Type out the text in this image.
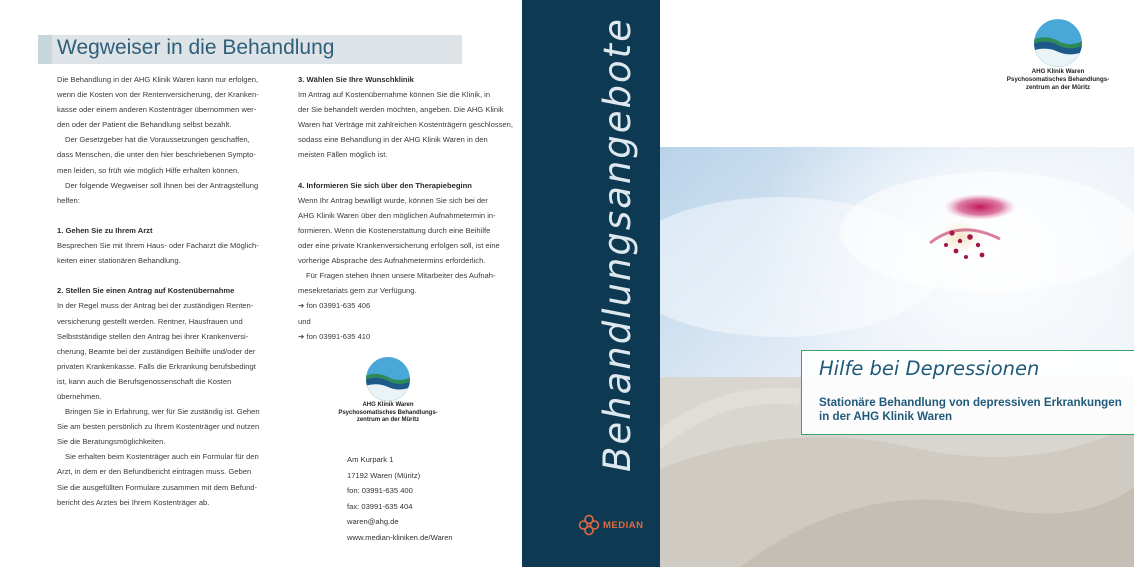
Wegweiser in die Behandlung

Die Behandlung in der AHG Klinik Waren kann nur erfolgen,

wenn die Kosten von der Rentenversicherung, der Kranken-

kasse oder einem anderen Kostenträger übernommen wer-

den oder der Patient die Behandlung selbst bezahlt.

Der Gesetzgeber hat die Voraussetzungen geschaffen,

dass Menschen, die unter den hier beschriebenen Sympto-

men leiden, so früh wie möglich Hilfe erhalten können.

Der folgende Wegweiser soll Ihnen bei der Antragstellung

helfen:

1. Gehen Sie zu Ihrem Arzt

Besprechen Sie mit Ihrem Haus- oder Facharzt die Möglich-

keiten einer stationären Behandlung.

2. Stellen Sie einen Antrag auf Kostenübernahme

In der Regel muss der Antrag bei der zuständigen Renten-

versicherung gestellt werden. Rentner, Hausfrauen und

Selbstständige stellen den Antrag bei ihrer Krankenversi-

cherung, Beamte bei der zuständigen Beihilfe und/oder der

privaten Krankenkasse. Falls die Erkrankung berufsbedingt

ist, kann auch die Berufsgenossenschaft die Kosten

übernehmen.

Bringen Sie in Erfahrung, wer für Sie zuständig ist. Gehen

Sie am besten persönlich zu Ihrem Kostenträger und nutzen

Sie die Beratungsmöglichkeiten.

Sie erhalten beim Kostenträger auch ein Formular für den

Arzt, in dem er den Befundbericht eintragen muss. Geben

Sie die ausgefüllten Formulare zusammen mit dem Befund-

bericht des Arztes bei Ihrem Kostenträger ab.

3. Wählen Sie Ihre Wunschklinik

Im Antrag auf Kostenübernahme können Sie die Klinik, in

der Sie behandelt werden möchten, angeben. Die AHG Klinik

Waren hat Verträge mit zahlreichen Kostenträgern geschlossen,

sodass eine Behandlung in der AHG Klinik Waren in den

meisten Fällen möglich ist.

4. Informieren Sie sich über den Therapiebeginn

Wenn Ihr Antrag bewilligt wurde, können Sie sich bei der

AHG Klinik Waren über den möglichen Aufnahmetermin in-

formieren. Wenn die Kostenerstattung durch eine Beihilfe

oder eine private Krankenversicherung erfolgen soll, ist eine

vorherige Absprache des Aufnahmetermins erforderlich.

Für Fragen stehen Ihnen unsere Mitarbeiter des Aufnah-

mesekretariats gern zur Verfügung.

➔ fon 03991-635 406

und

➔ fon 03991-635 410

AHG Klinik Waren
Psychosomatisches Behandlungs-
zentrum an der Müritz
Am Kurpark 1
17192 Waren (Müritz)
fon: 03991-635 400
fax: 03991-635 404
waren@ahg.de
www.median-kliniken.de/Waren
Behandlungsangebote
MEDIAN
AHG Klinik Waren
Psychosomatisches Behandlungs-
zentrum an der Müritz
Hilfe bei Depressionen
Stationäre Behandlung von depressiven Erkrankungen
in der AHG Klinik Waren
